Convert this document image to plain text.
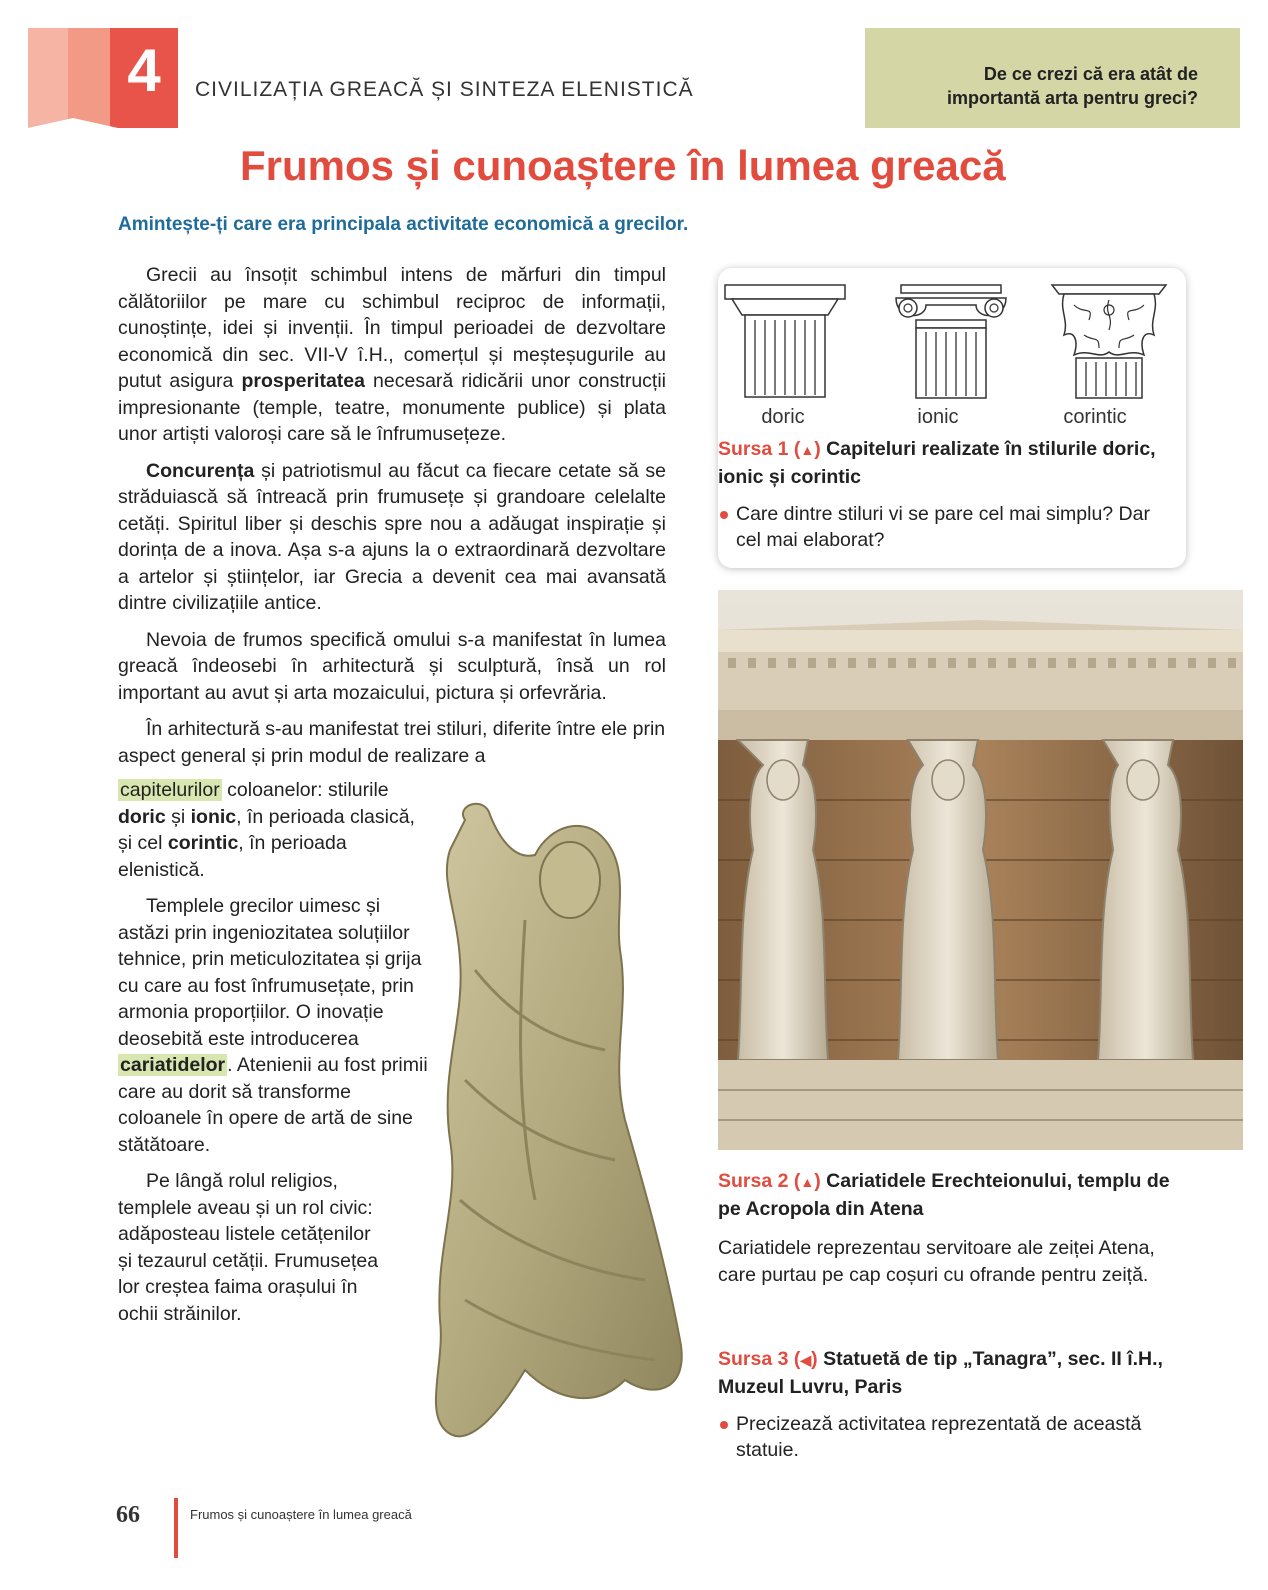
4	CIVILIZAȚIA GREACĂ ȘI SINTEZA ELENISTICĂ
De ce crezi că era atât de
importantă arta pentru greci?
Frumos și cunoaștere în lumea greacă
Amintește-ți care era principala activitate economică a grecilor.

Grecii au însoțit schimbul intens de mărfuri din timpul călătoriilor pe mare cu schimbul reciproc de informații, cunoștințe, idei și invenții. În timpul perioadei de dezvoltare economică din sec. VII-V î.H., comerțul și meșteșugurile au putut asigura prosperitatea necesară ridicării unor construcții impresionante (temple, teatre, monumente publice) și plata unor artiști valoroși care să le înfrumusețeze.

Concurența și patriotismul au făcut ca fiecare cetate să se străduiască să întreacă prin frumusețe și grandoare celelalte cetăți. Spiritul liber și deschis spre nou a adăugat inspirație și dorința de a inova. Așa s-a ajuns la o extraordinară dezvoltare a artelor și științelor, iar Grecia a devenit cea mai avansată dintre civilizațiile antice.

Nevoia de frumos specifică omului s-a manifestat în lumea greacă îndeosebi în arhitectură și sculptură, însă un rol important au avut și arta mozaicului, pictura și orfevrăria.

În arhitectură s-au manifestat trei stiluri, diferite între ele prin aspect general și prin modul de realizare a

capitelurilor coloanelor: stilurile doric și ionic, în perioada clasică, și cel corintic, în perioada elenistică.

Templele grecilor uimesc și astăzi prin ingeniozitatea soluțiilor tehnice, prin meticulozitatea și grija cu care au fost înfrumusețate, prin armonia proporțiilor. O inovație deosebită este introducerea cariatidelor . Atenienii au fost primii care au dorit să transforme coloanele în opere de artă de sine stătătoare.

Pe lângă rolul religios, templele aveau și un rol civic: adăposteau listele cetățenilor și tezaurul cetății. Frumusețea lor creștea faima orașului în ochii străinilor.

doric	ionic	corintic
Sursa 1 (▲) Capiteluri realizate în stilurile doric, ionic și corintic
Care dintre stiluri vi se pare cel mai simplu? Dar cel mai elaborat?
Sursa 2 (▲) Cariatidele Erechteionului, templu de pe Acropola din Atena
Cariatidele reprezentau servitoare ale zeiței Atena, care purtau pe cap coșuri cu ofrande pentru zeiță.
Sursa 3 (◀) Statuetă de tip „Tanagra”, sec. II î.H., Muzeul Luvru, Paris
Precizează activitatea reprezentată de această statuie.
66	Frumos și cunoaștere în lumea greacă
